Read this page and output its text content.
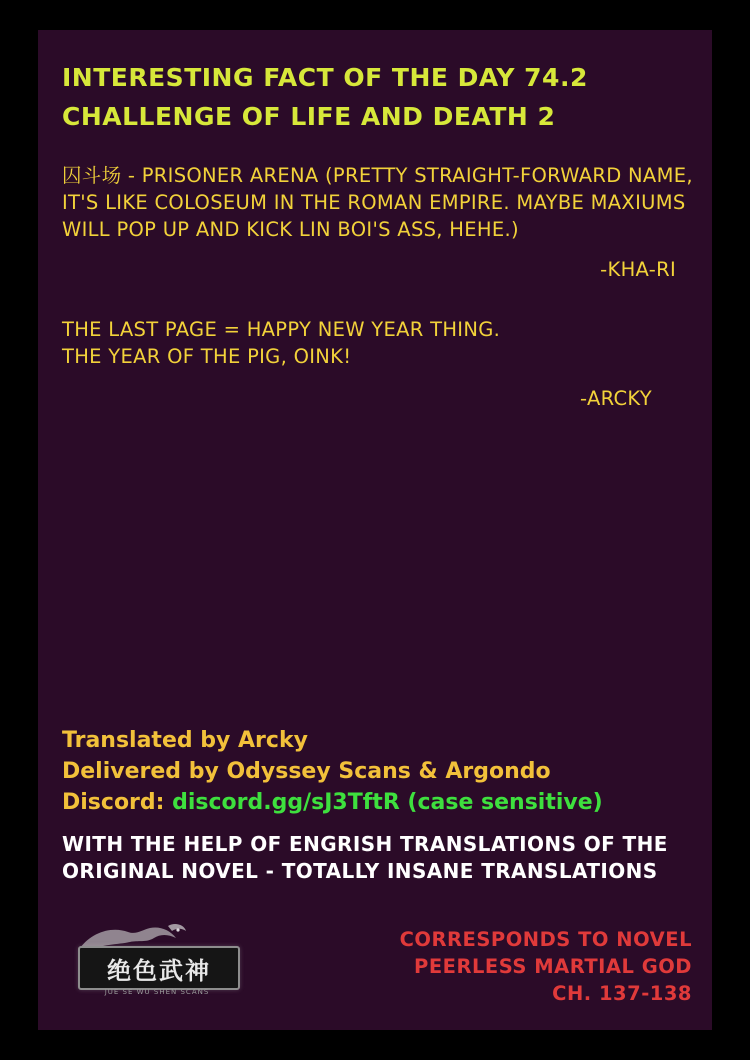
INTERESTING FACT OF THE DAY 74.2
CHALLENGE OF LIFE AND DEATH 2
囚斗场 - PRISONER ARENA (PRETTY STRAIGHT-FORWARD NAME,
IT'S LIKE COLOSEUM IN THE ROMAN EMPIRE. MAYBE MAXIUMS
WILL POP UP AND KICK LIN BOI'S ASS, HEHE.)
-KHA-RI
THE LAST PAGE = HAPPY NEW YEAR THING.
THE YEAR OF THE PIG, OINK!
-ARCKY
Translated by Arcky
Delivered by Odyssey Scans & Argondo
Discord: discord.gg/sJ3TftR (case sensitive)
WITH THE HELP OF ENGRISH TRANSLATIONS OF THE
ORIGINAL NOVEL - TOTALLY INSANE TRANSLATIONS
绝色武神
JUE SE WU SHEN SCANS
CORRESPONDS TO NOVEL
PEERLESS MARTIAL GOD
CH. 137-138
